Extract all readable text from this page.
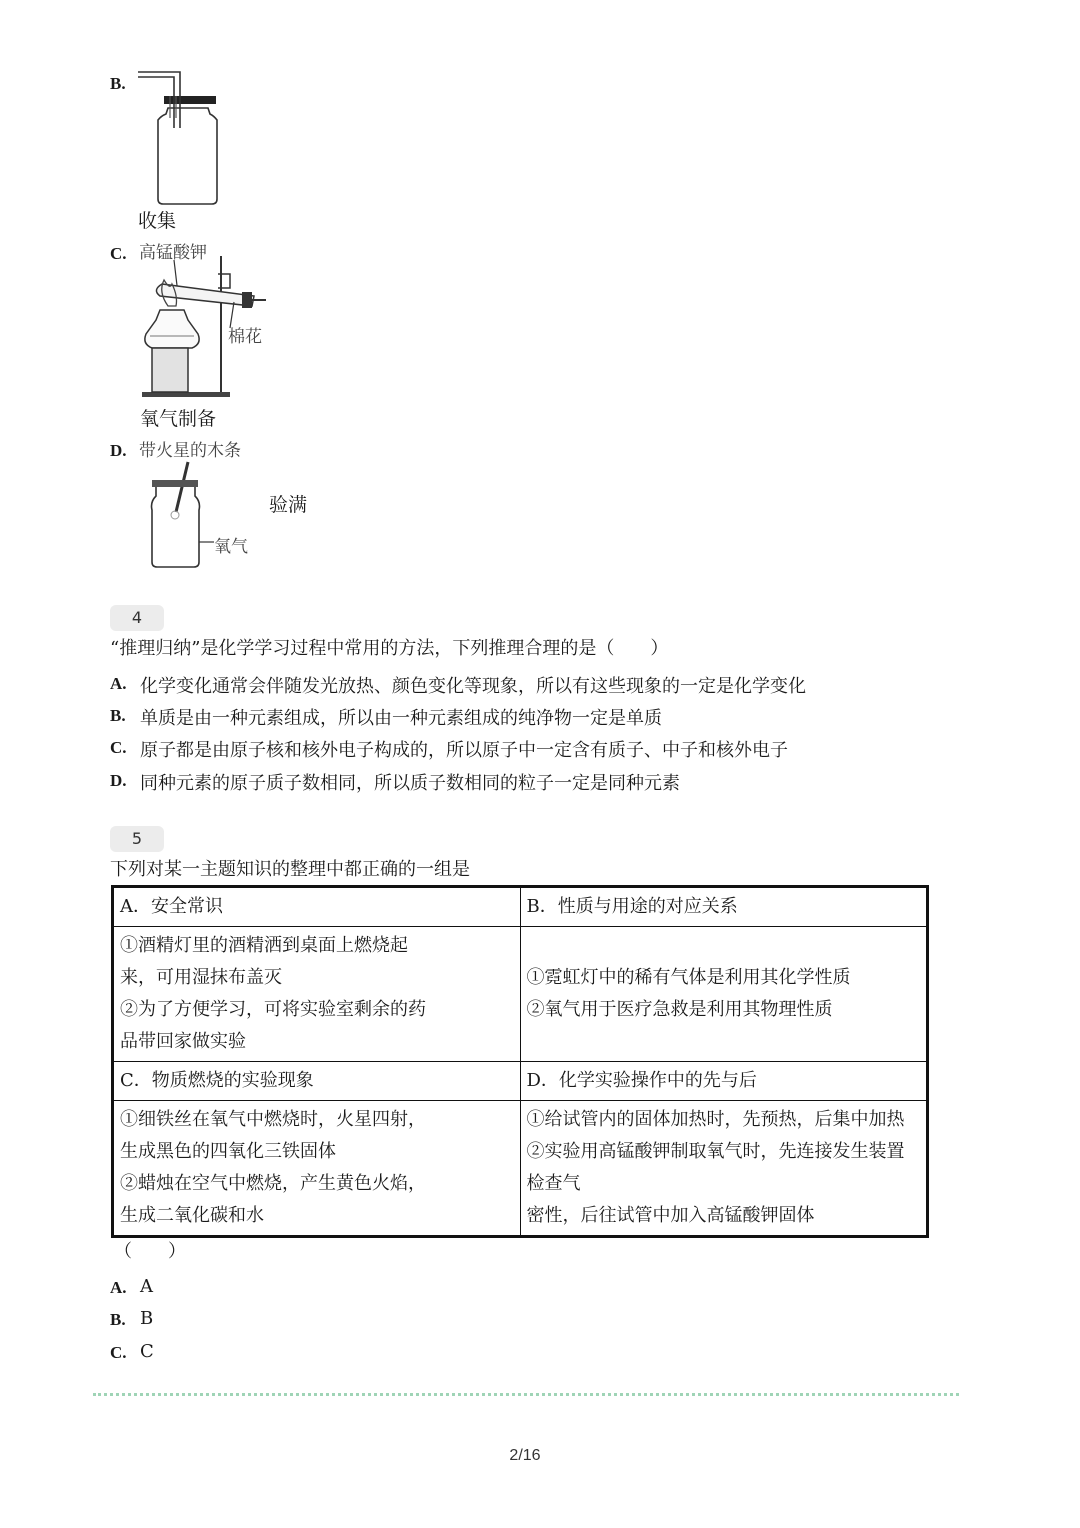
B.
收集
C. 高锰酸钾
棉花
氧气制备
D. 带火星的木条
氧气
验满
4
“推理归纳”是化学学习过程中常用的方法，下列推理合理的是（　　）
A. 化学变化通常会伴随发光放热、颜色变化等现象，所以有这些现象的一定是化学变化
B. 单质是由一种元素组成，所以由一种元素组成的纯净物一定是单质
C. 原子都是由原子核和核外电子构成的，所以原子中一定含有质子、中子和核外电子
D. 同种元素的原子质子数相同，所以质子数相同的粒子一定是同种元素
5
下列对某一主题知识的整理中都正确的一组是
A．安全常识	B．性质与用途的对应关系

①酒精灯里的酒精洒到桌面上燃烧起
来，可用湿抹布盖灭
②为了方便学习，可将实验室剩余的药
品带回家做实验	①霓虹灯中的稀有气体是利用其化学性质
②氧气用于医疗急救是利用其物理性质

C．物质燃烧的实验现象	D．化学实验操作中的先与后

①细铁丝在氧气中燃烧时，火星四射，
生成黑色的四氧化三铁固体
②蜡烛在空气中燃烧，产生黄色火焰，
生成二氧化碳和水	①给试管内的固体加热时，先预热，后集中加热
②实验用高锰酸钾制取氧气时，先连接发生装置检查气
密性，后往试管中加入高锰酸钾固体
（　　）
A. A
B. B
C. C
2/16
